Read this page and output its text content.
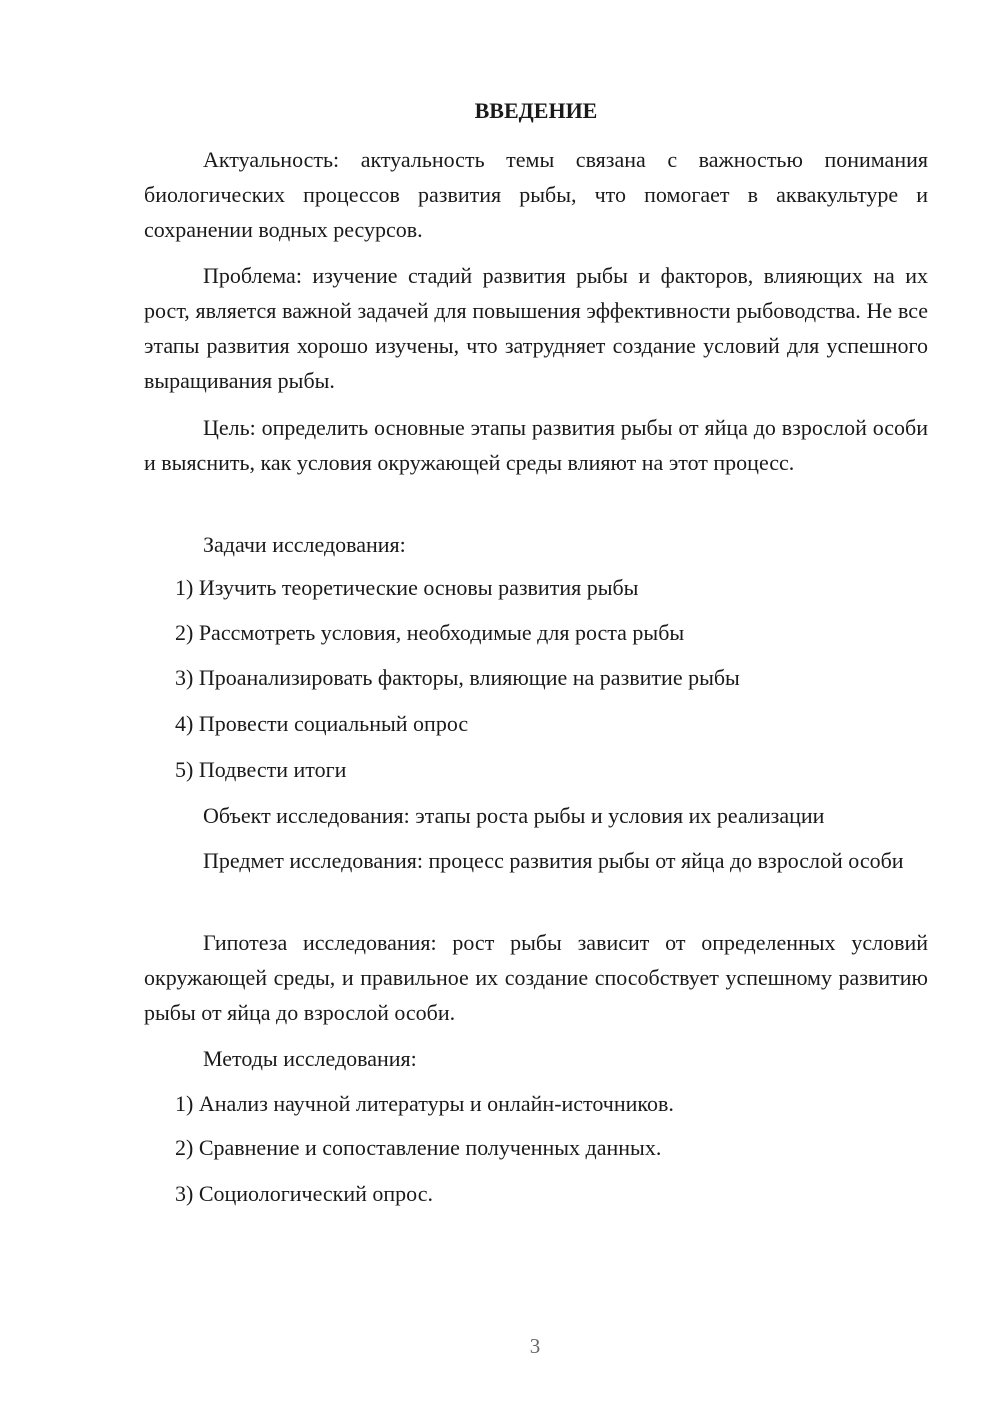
ВВЕДЕНИЕ

Актуальность: актуальность темы связана с важностью понимания биологических процессов развития рыбы, что помогает в аквакультуре и сохранении водных ресурсов.

Проблема: изучение стадий развития рыбы и факторов, влияющих на их рост, является важной задачей для повышения эффективности рыбоводства. Не все этапы развития хорошо изучены, что затрудняет создание условий для успешного выращивания рыбы.

Цель: определить основные этапы развития рыбы от яйца до взрослой особи и выяснить, как условия окружающей среды влияют на этот процесс.

Задачи исследования:

1) Изучить теоретические основы развития рыбы

2) Рассмотреть условия, необходимые для роста рыбы

3) Проанализировать факторы, влияющие на развитие рыбы

4) Провести социальный опрос

5) Подвести итоги

Объект исследования: этапы роста рыбы и условия их реализации

Предмет исследования: процесс развития рыбы от яйца до взрослой особи

Гипотеза исследования: рост рыбы зависит от определенных условий окружающей среды, и правильное их создание способствует успешному развитию рыбы от яйца до взрослой особи.

Методы исследования:

1) Анализ научной литературы и онлайн-источников.

2) Сравнение и сопоставление полученных данных.

3) Социологический опрос.

3
